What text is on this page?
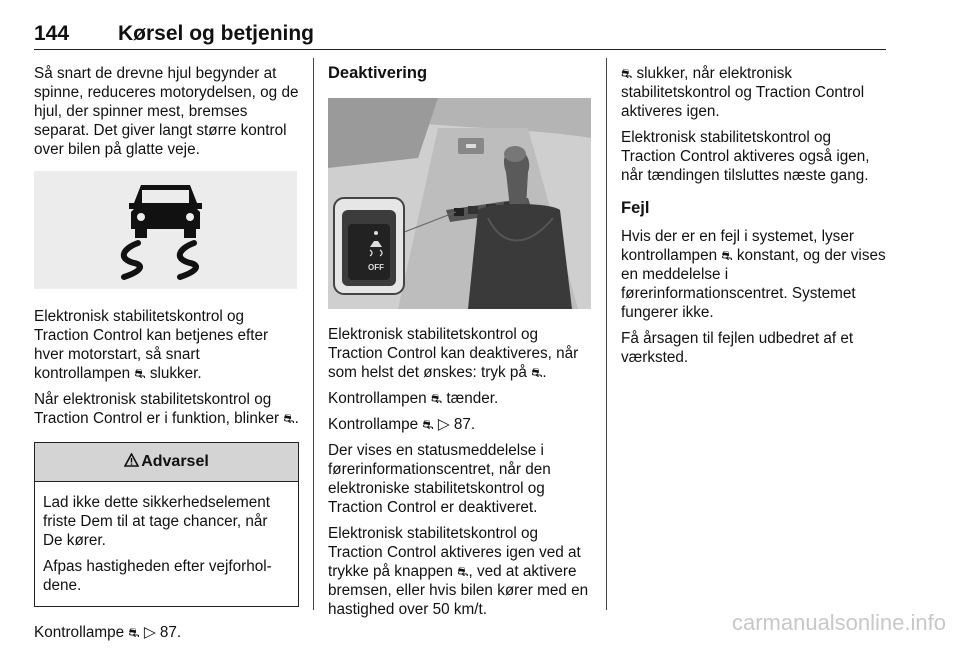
144 Kørsel og betjening

Så snart de drevne hjul begynder at spinne, reduceres motorydelsen, og de hjul, der spinner mest, bremses separat. Det giver langt større kontrol over bilen på glatte veje.

Elektronisk stabilitetskontrol og Traction Control kan betjenes efter hver motorstart, så snart kontrollampen ⛐ slukker.

Når elektronisk stabilitetskontrol og Traction Control er i funktion, blinker ⛐.

Advarsel

Lad ikke dette sikkerhedselement friste Dem til at tage chancer, når De kører.

Afpas hastigheden efter vejforhol-dene.

Kontrollampe ⛐ ▷ 87.

Deaktivering
OFF

Elektronisk stabilitetskontrol og Traction Control kan deaktiveres, når som helst det ønskes: tryk på ⛐.

Kontrollampen ⛐ tænder.

Kontrollampe ⛐ ▷ 87.

Der vises en statusmeddelelse i førerinformationscentret, når den elektroniske stabilitetskontrol og Traction Control er deaktiveret.

Elektronisk stabilitetskontrol og Traction Control aktiveres igen ved at trykke på knappen ⛐, ved at aktivere bremsen, eller hvis bilen kører med en hastighed over 50 km/t.

⛐ slukker, når elektronisk stabilitetskontrol og Traction Control aktiveres igen.

Elektronisk stabilitetskontrol og Traction Control aktiveres også igen, når tændingen tilsluttes næste gang.

Fejl

Hvis der er en fejl i systemet, lyser kontrollampen ⛐ konstant, og der vises en meddelelse i førerinformationscentret. Systemet fungerer ikke.

Få årsagen til fejlen udbedret af et værksted.

carmanualsonline.info
